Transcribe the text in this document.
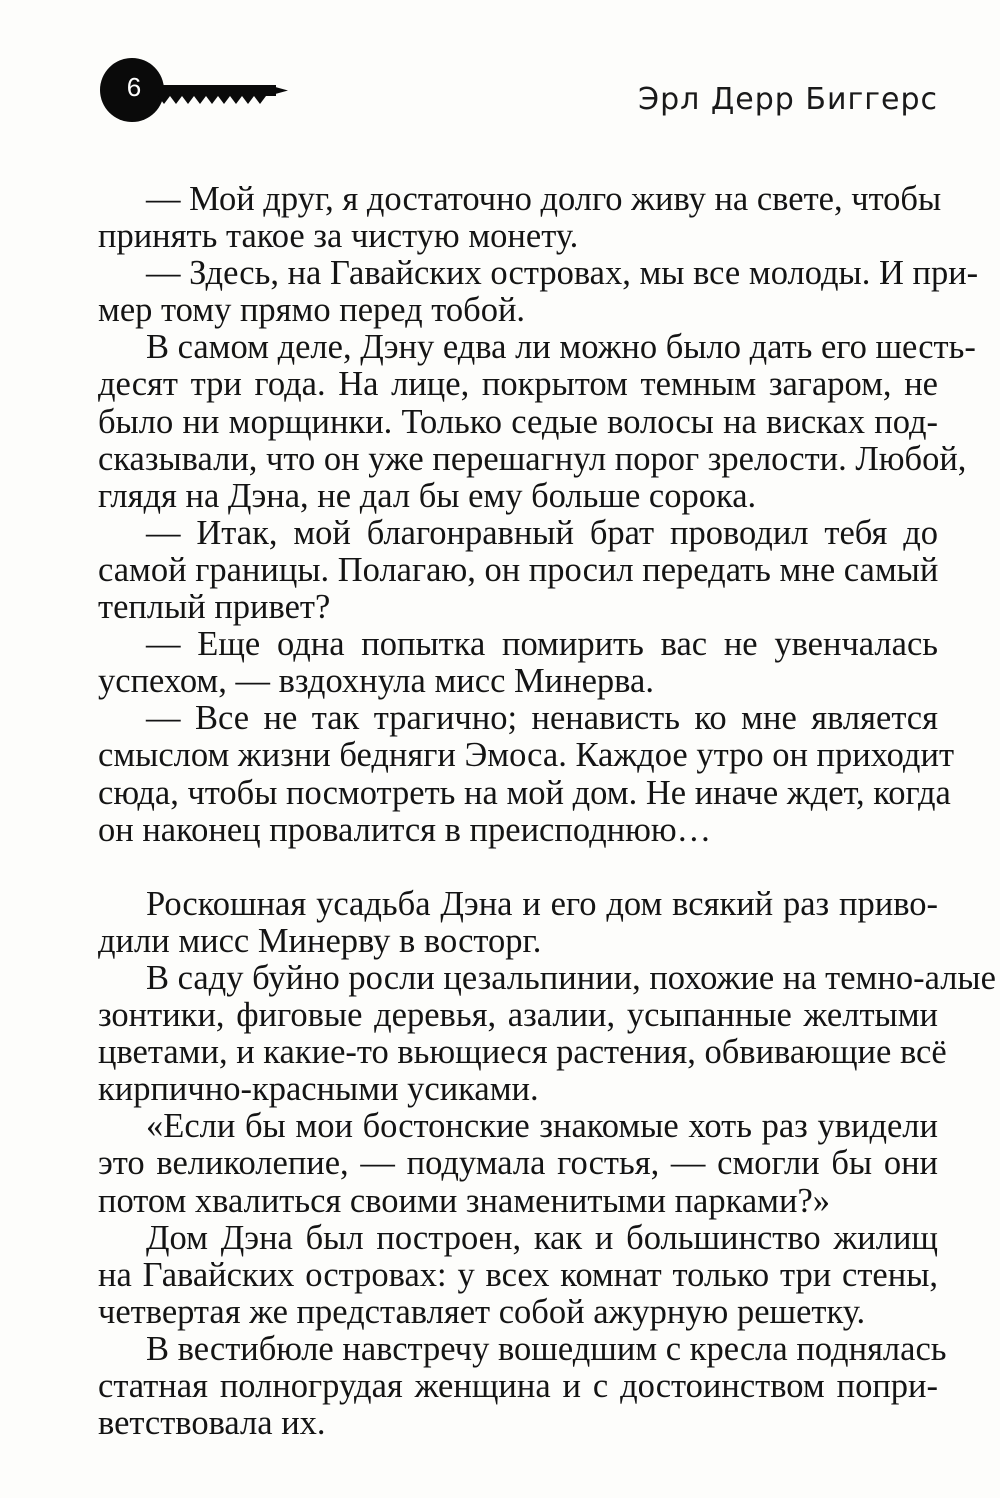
6	Эрл Дерр Биггерс
— Мой друг, я достаточно долго живу на свете, чтобы
принять такое за чистую монету.
— Здесь, на Гавайских островах, мы все молоды. И при-
мер тому прямо перед тобой.
В самом деле, Дэну едва ли можно было дать его шесть-
десят три года. На лице, покрытом темным загаром, не
было ни морщинки. Только седые волосы на висках под-
сказывали, что он уже перешагнул порог зрелости. Любой,
глядя на Дэна, не дал бы ему больше сорока.
— Итак, мой благонравный брат проводил тебя до
самой границы. Полагаю, он просил передать мне самый
теплый привет?
— Еще одна попытка помирить вас не увенчалась
успехом, — вздохнула мисс Минерва.
— Все не так трагично; ненависть ко мне является
смыслом жизни бедняги Эмоса. Каждое утро он приходит
сюда, чтобы посмотреть на мой дом. Не иначе ждет, когда
он наконец провалится в преисподнюю…
Роскошная усадьба Дэна и его дом всякий раз приво-
дили мисс Минерву в восторг.
В саду буйно росли цезальпинии, похожие на темно-алые
зонтики, фиговые деревья, азалии, усыпанные желтыми
цветами, и какие-то вьющиеся растения, обвивающие всё
кирпично-красными усиками.
«Если бы мои бостонские знакомые хоть раз увидели
это великолепие, — подумала гостья, — смогли бы они
потом хвалиться своими знаменитыми парками?»
Дом Дэна был построен, как и большинство жилищ
на Гавайских островах: у всех комнат только три стены,
четвертая же представляет собой ажурную решетку.
В вестибюле навстречу вошедшим с кресла поднялась
статная полногрудая женщина и с достоинством попри-
ветствовала их.
